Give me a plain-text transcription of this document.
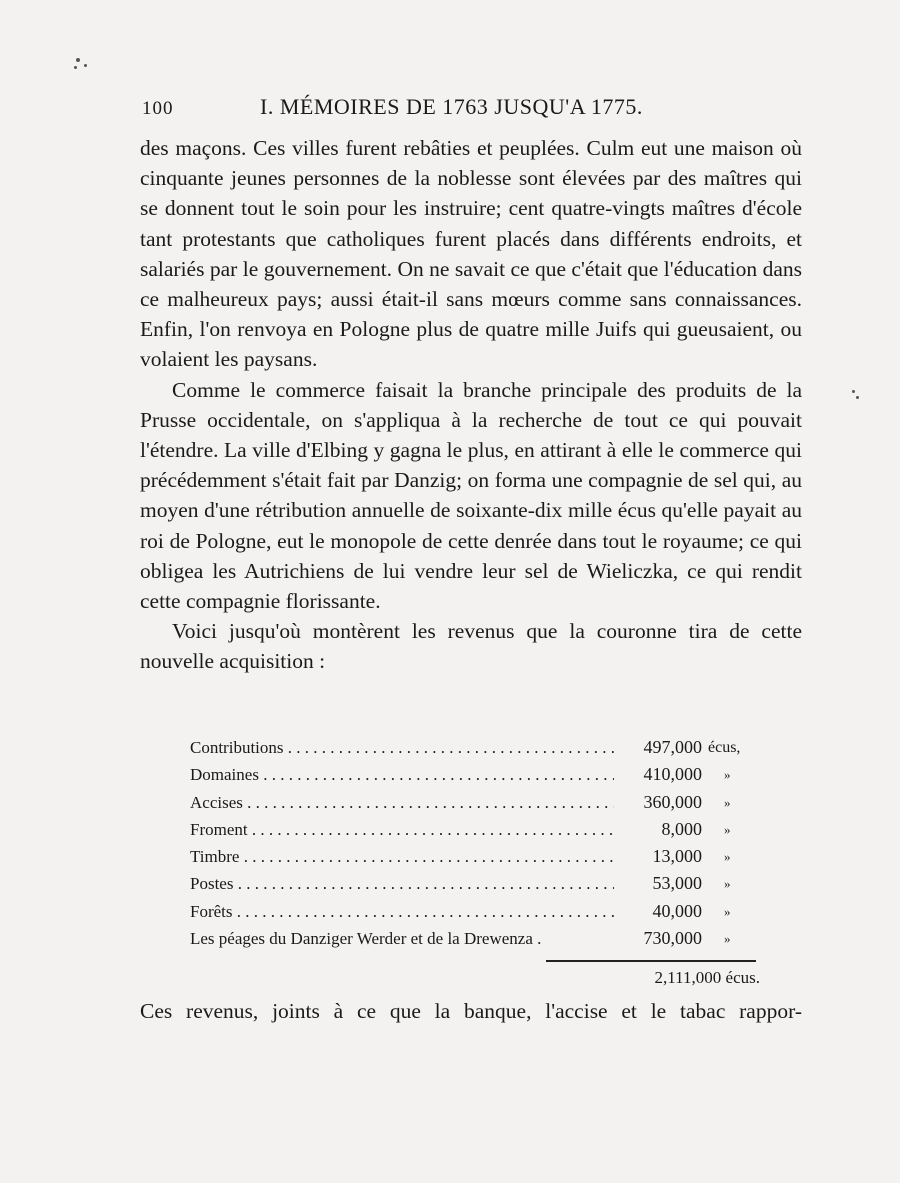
100	I. MÉMOIRES DE 1763 JUSQU'A 1775.

des maçons. Ces villes furent rebâties et peuplées. Culm eut une maison où cinquante jeunes personnes de la noblesse sont élevées par des maîtres qui se donnent tout le soin pour les instruire; cent quatre-vingts maîtres d'école tant protestants que catholiques furent placés dans différents endroits, et salariés par le gouvernement. On ne savait ce que c'était que l'éducation dans ce malheureux pays; aussi était-il sans mœurs comme sans connaissances. Enfin, l'on renvoya en Pologne plus de quatre mille Juifs qui gueusaient, ou volaient les paysans.

Comme le commerce faisait la branche principale des produits de la Prusse occidentale, on s'appliqua à la recherche de tout ce qui pouvait l'étendre. La ville d'Elbing y gagna le plus, en attirant à elle le commerce qui précédemment s'était fait par Danzig; on forma une compagnie de sel qui, au moyen d'une rétribution annuelle de soixante-dix mille écus qu'elle payait au roi de Pologne, eut le monopole de cette denrée dans tout le royaume; ce qui obligea les Autrichiens de lui vendre leur sel de Wieliczka, ce qui rendit cette compagnie florissante.

Voici jusqu'où montèrent les revenus que la couronne tira de cette nouvelle acquisition :

Contributions . . .	497,000 écus,
Domaines . . .	410,000 »
Accises . . .	360,000 »
Froment . . .	8,000 »
Timbre . . .	13,000 »
Postes . . .	53,000 »
Forêts . . .	40,000 »
Les péages du Danziger Werder et de la Drewenza .	730,000 »
2,111,000 écus.
Ces revenus, joints à ce que la banque, l'accise et le tabac rappor-
